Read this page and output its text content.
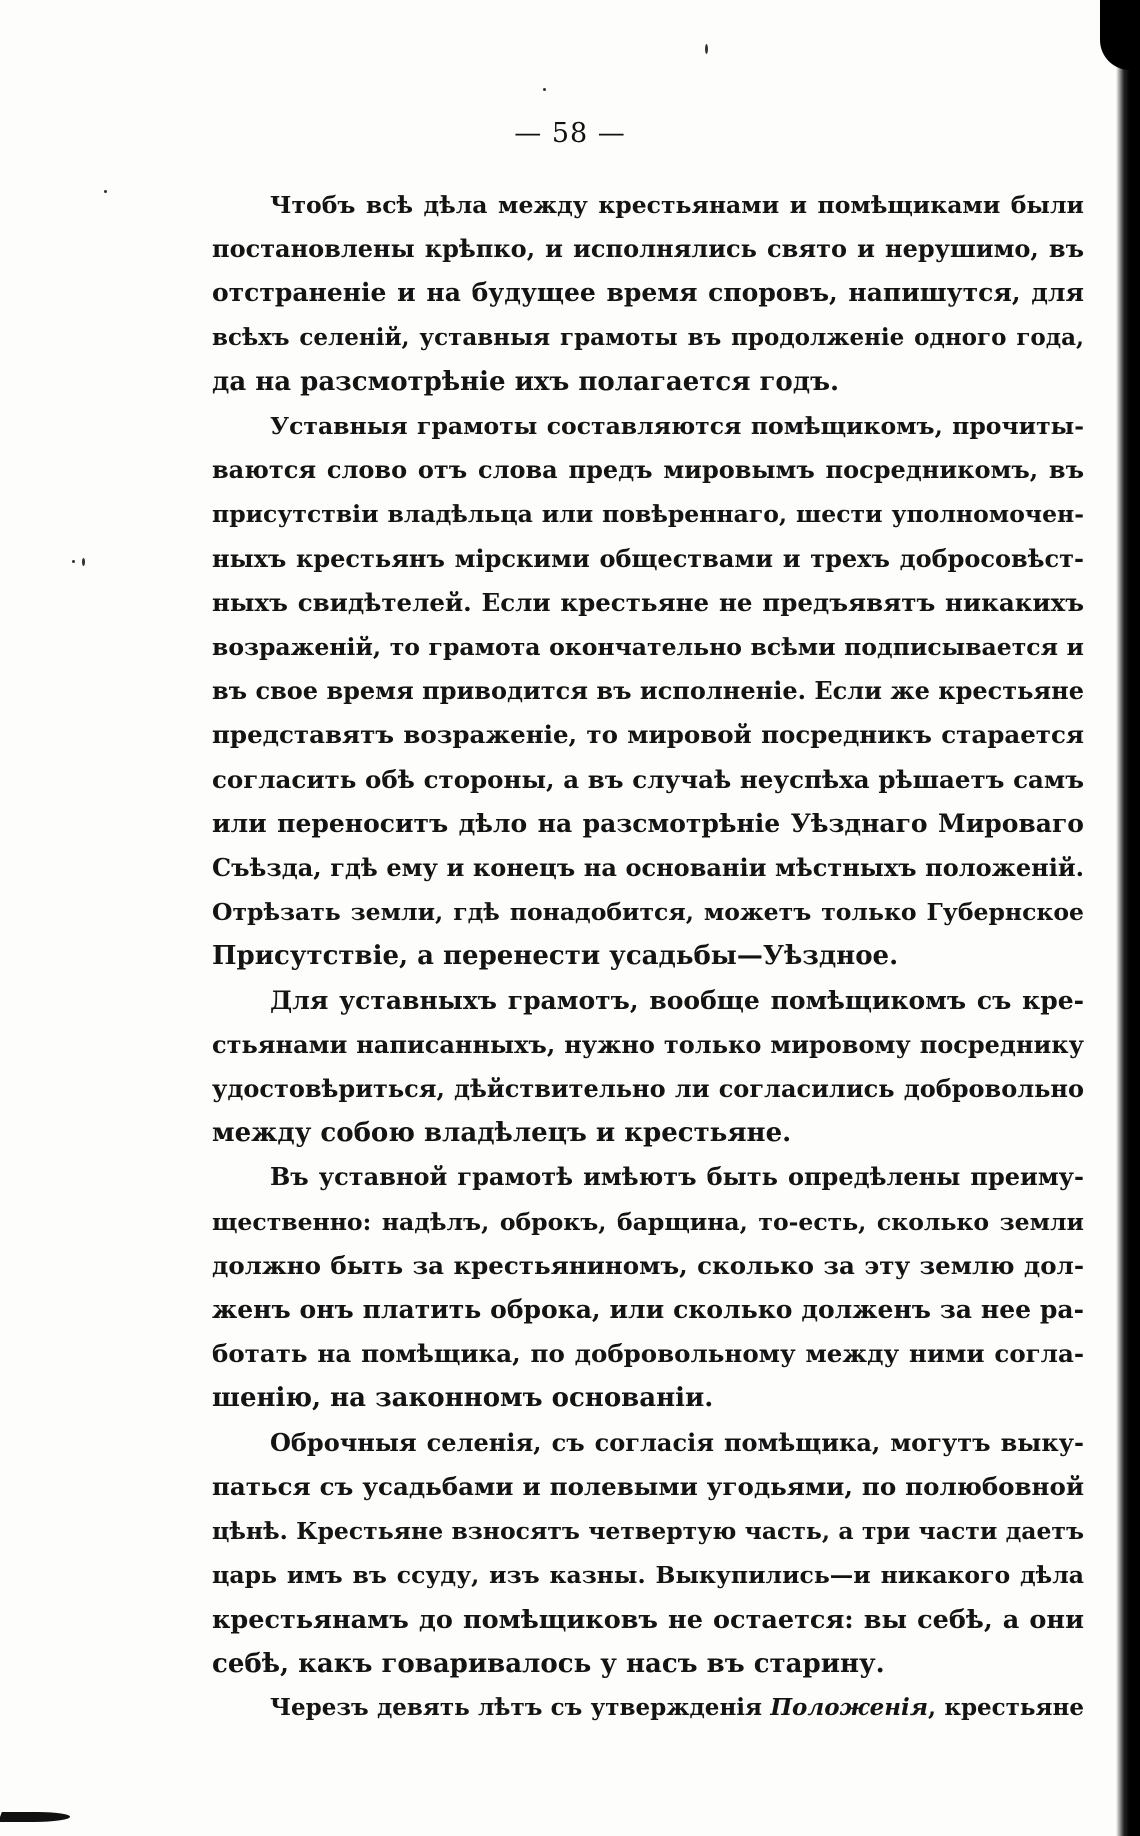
— 58 —
Чтобъ всѣ дѣла между крестьянами и помѣщиками были
постановлены крѣпко, и исполнялись свято и нерушимо, въ
отстраненіе и на будущее время споровъ, напишутся, для
всѣхъ селеній, уставныя грамоты въ продолженіе одного года,
да на разсмотрѣніе ихъ полагается годъ.
Уставныя грамоты составляются помѣщикомъ, прочиты-
ваются слово отъ слова предъ мировымъ посредникомъ, въ
присутствіи владѣльца или повѣреннаго, шести уполномочен-
ныхъ крестьянъ мірскими обществами и трехъ добросовѣст-
ныхъ свидѣтелей. Если крестьяне не предъявятъ никакихъ
возраженій, то грамота окончательно всѣми подписывается и
въ свое время приводится въ исполненіе. Если же крестьяне
представятъ возраженіе, то мировой посредникъ старается
согласить обѣ стороны, а въ случаѣ неуспѣха рѣшаетъ самъ
или переноситъ дѣло на разсмотрѣніе Уѣзднаго Мироваго
Съѣзда, гдѣ ему и конецъ на основаніи мѣстныхъ положеній.
Отрѣзать земли, гдѣ понадобится, можетъ только Губернское
Присутствіе, а перенести усадьбы—Уѣздное.
Для уставныхъ грамотъ, вообще помѣщикомъ съ кре-
стьянами написанныхъ, нужно только мировому посреднику
удостовѣриться, дѣйствительно ли согласились добровольно
между собою владѣлецъ и крестьяне.
Въ уставной грамотѣ имѣютъ быть опредѣлены преиму-
щественно: надѣлъ, оброкъ, барщина, то-есть, сколько земли
должно быть за крестьяниномъ, сколько за эту землю дол-
женъ онъ платить оброка, или сколько долженъ за нее ра-
ботать на помѣщика, по добровольному между ними согла-
шенію, на законномъ основаніи.
Оброчныя селенія, съ согласія помѣщика, могутъ выку-
паться съ усадьбами и полевыми угодьями, по полюбовной
цѣнѣ. Крестьяне взносятъ четвертую часть, а три части даетъ
царь имъ въ ссуду, изъ казны. Выкупились—и никакого дѣла
крестьянамъ до помѣщиковъ не остается: вы себѣ, а они
себѣ, какъ говаривалось у насъ въ старину.
Черезъ девять лѣтъ съ утвержденія Положенія, крестьяне
